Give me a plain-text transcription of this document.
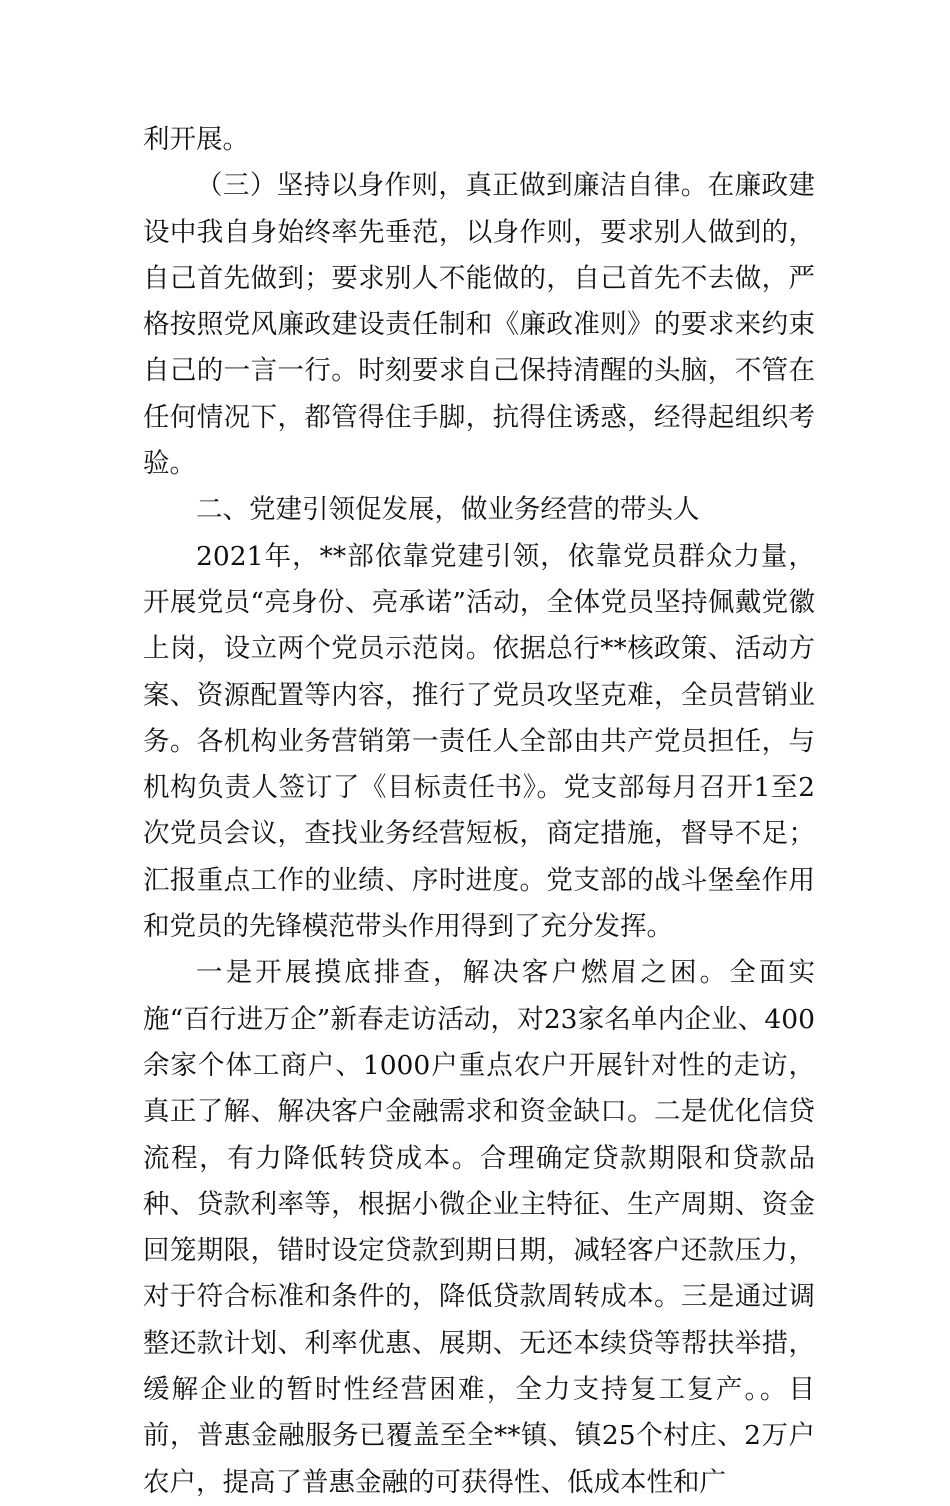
利开展。

（三）坚持以身作则，真正做到廉洁自律。在廉政建设中我自身始终率先垂范，以身作则，要求别人做到的，自己首先做到；要求别人不能做的，自己首先不去做，严格按照党风廉政建设责任制和《廉政准则》的要求来约束自己的一言一行。时刻要求自己保持清醒的头脑，不管在任何情况下，都管得住手脚，抗得住诱惑，经得起组织考验。

二、党建引领促发展，做业务经营的带头人

2021年，**部依靠党建引领，依靠党员群众力量，开展党员“亮身份、亮承诺”活动，全体党员坚持佩戴党徽上岗，设立两个党员示范岗。依据总行**核政策、活动方案、资源配置等内容，推行了党员攻坚克难，全员营销业务。各机构业务营销第一责任人全部由共产党员担任，与机构负责人签订了《目标责任书》。党支部每月召开1至2次党员会议，查找业务经营短板，商定措施，督导不足；汇报重点工作的业绩、序时进度。党支部的战斗堡垒作用和党员的先锋模范带头作用得到了充分发挥。

一是开展摸底排查，解决客户燃眉之困。全面实施“百行进万企”新春走访活动，对23家名单内企业、400余家个体工商户、1000户重点农户开展针对性的走访，真正了解、解决客户金融需求和资金缺口。二是优化信贷流程，有力降低转贷成本。合理确定贷款期限和贷款品种、贷款利率等，根据小微企业主特征、生产周期、资金回笼期限，错时设定贷款到期日期，减轻客户还款压力，对于符合标准和条件的，降低贷款周转成本。三是通过调整还款计划、利率优惠、展期、无还本续贷等帮扶举措，缓解企业的暂时性经营困难，全力支持复工复产。。目前，普惠金融服务已覆盖至全**镇、镇25个村庄、2万户农户，提高了普惠金融的可获得性、低成本性和广
